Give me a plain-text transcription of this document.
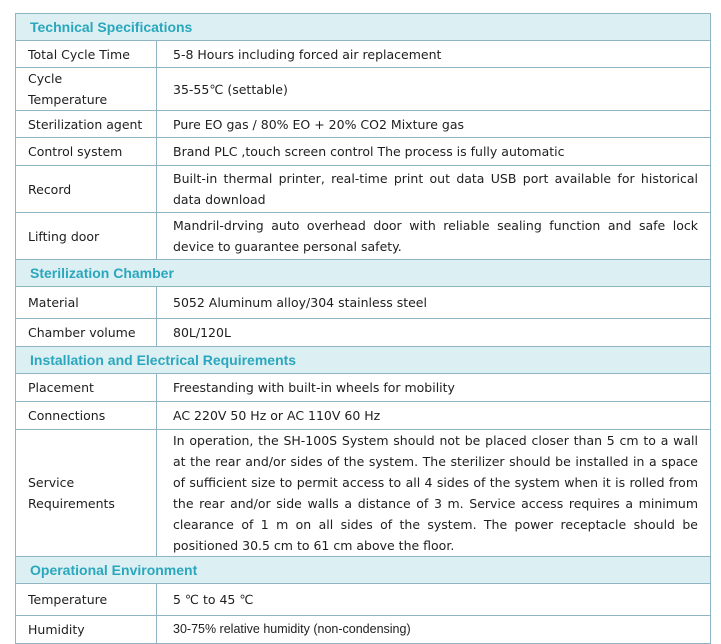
Technical Specifications	
Total Cycle Time	5-8 Hours including forced air replacement
Cycle Temperature	35-55℃ (settable)
Sterilization agent	Pure EO gas / 80% EO + 20% CO2 Mixture gas
Control system	Brand PLC ,touch screen control The process is fully automatic
Record	Built-in thermal printer, real-time print out data USB port available for historical data download
Lifting door	Mandril-drving auto overhead door with reliable sealing function and safe lock device to guarantee personal safety.
Sterilization Chamber	
Material	5052 Aluminum alloy/304 stainless steel
Chamber volume	80L/120L
Installation and Electrical Requirements	
Placement	Freestanding with built-in wheels for mobility
Connections	AC 220V 50 Hz or AC 110V 60 Hz
Service Requirements	In operation, the SH-100S System should not be placed closer than 5 cm to a wall at the rear and/or sides of the system. The sterilizer should be installed in a space of sufficient size to permit access to all 4 sides of the system when it is rolled from the rear and/or side walls a distance of 3 m. Service access requires a minimum clearance of 1 m on all sides of the system. The power receptacle should be positioned 30.5 cm to 61 cm above the floor.
Operational Environment	
Temperature	5 ℃ to 45 ℃
Humidity	30-75% relative humidity (non-condensing)
